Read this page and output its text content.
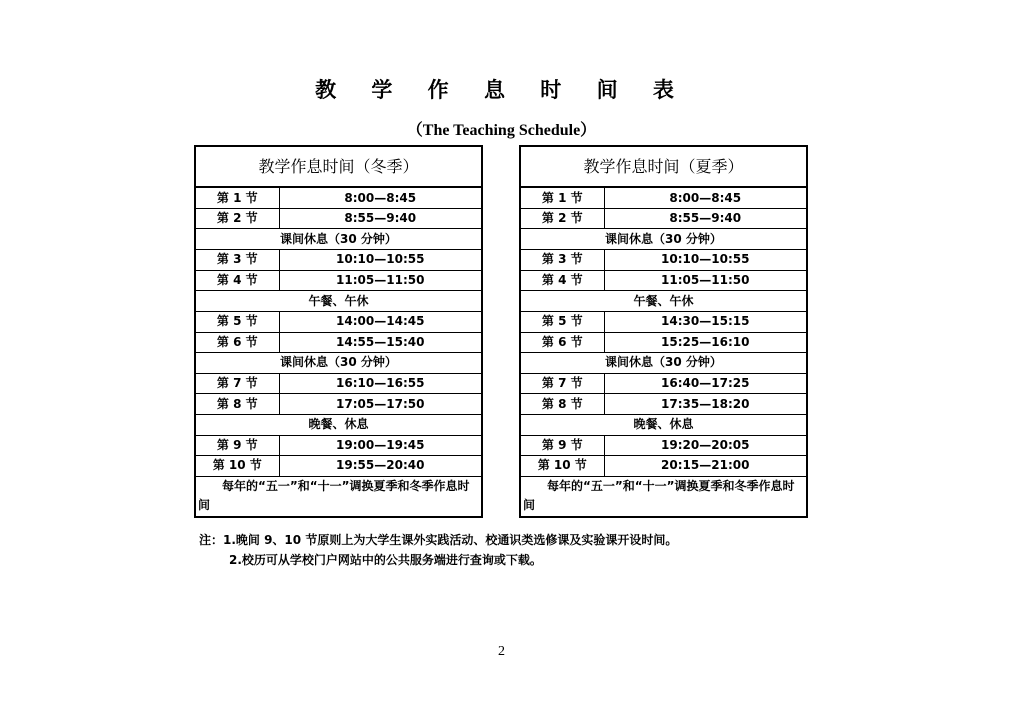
教 学 作 息 时 间 表
（The Teaching Schedule）
教学作息时间（冬季）	
第 1 节	8:00—8:45
第 2 节	8:55—9:40
课间休息（30 分钟）	
第 3 节	10:10—10:55
第 4 节	11:05—11:50
午餐、午休	
第 5 节	14:00—14:45
第 6 节	14:55—15:40
课间休息（30 分钟）	
第 7 节	16:10—16:55
第 8 节	17:05—17:50
晚餐、休息	
第 9 节	19:00—19:45
第 10 节	19:55—20:40

每年的“五一”和“十一”调换夏季和冬季作息时间	
教学作息时间（夏季）	
第 1 节	8:00—8:45
第 2 节	8:55—9:40
课间休息（30 分钟）	
第 3 节	10:10—10:55
第 4 节	11:05—11:50
午餐、午休	
第 5 节	14:30—15:15
第 6 节	15:25—16:10
课间休息（30 分钟）	
第 7 节	16:40—17:25
第 8 节	17:35—18:20
晚餐、休息	
第 9 节	19:20—20:05
第 10 节	20:15—21:00

每年的“五一”和“十一”调换夏季和冬季作息时间	
注：1.晚间 9、10 节原则上为大学生课外实践活动、校通识类选修课及实验课开设时间。
2.校历可从学校门户网站中的公共服务端进行查询或下载。
2
